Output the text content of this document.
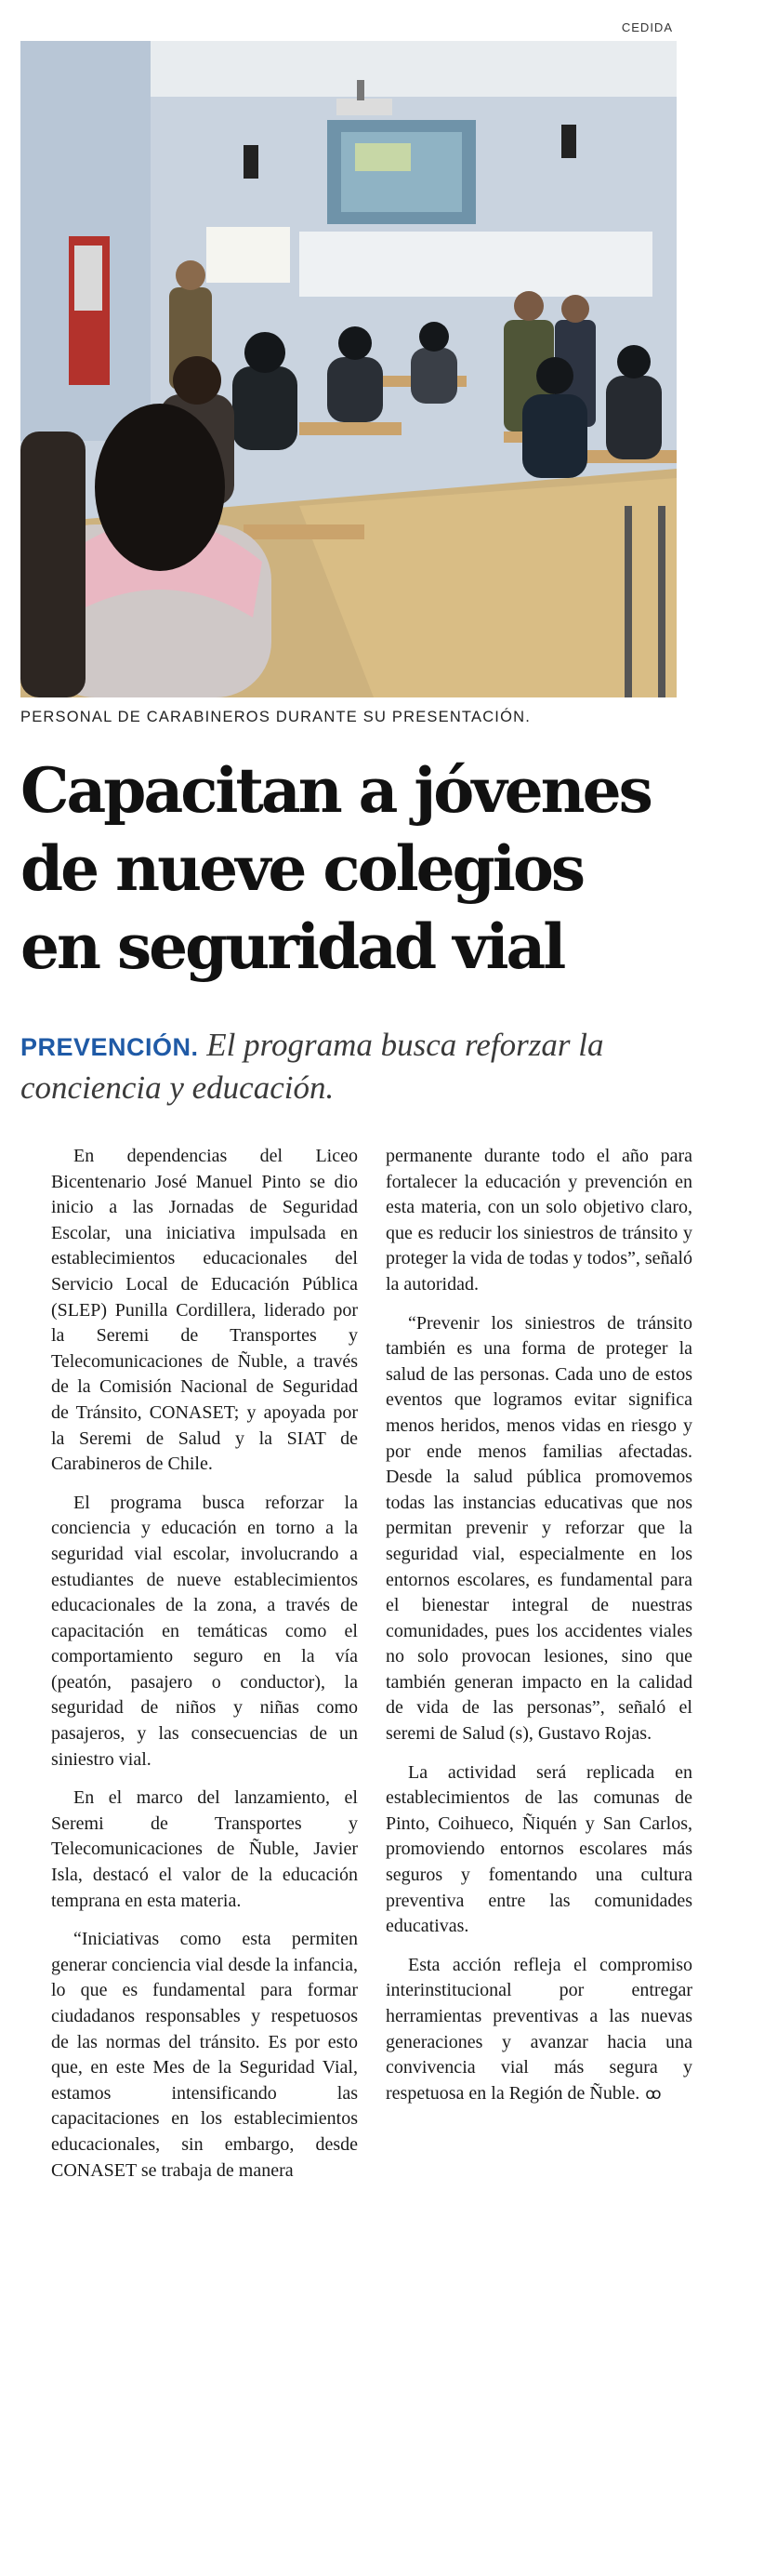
CEDIDA
PERSONAL DE CARABINEROS DURANTE SU PRESENTACIÓN.
Capacitan a jóvenes
de nueve colegios
en seguridad vial
PREVENCIÓN. El programa busca reforzar la conciencia y educación.

En dependencias del Liceo Bicentenario José Manuel Pinto se dio inicio a las Jornadas de Seguridad Escolar, una iniciativa impulsada en establecimientos educacionales del Servicio Local de Educación Pública (SLEP) Punilla Cordillera, liderado por la Seremi de Transportes y Telecomunicaciones de Ñuble, a través de la Comisión Nacional de Seguridad de Tránsito, CONASET; y apoyada por la Seremi de Salud y la SIAT de Carabineros de Chile.

El programa busca reforzar la conciencia y educación en torno a la seguridad vial escolar, involucrando a estudiantes de nueve establecimientos educacionales de la zona, a través de capacitación en temáticas como el comportamiento seguro en la vía (peatón, pasajero o conductor), la seguridad de niños y niñas como pasajeros, y las consecuencias de un siniestro vial.

En el marco del lanzamiento, el Seremi de Transportes y Telecomunicaciones de Ñuble, Javier Isla, destacó el valor de la educación temprana en esta materia.

“Iniciativas como esta permiten generar conciencia vial desde la infancia, lo que es fundamental para formar ciudadanos responsables y respetuosos de las normas del tránsito. Es por esto que, en este Mes de la Seguridad Vial, estamos intensificando las capacitaciones en los establecimientos educacionales, sin embargo, desde CONASET se trabaja de manera

permanente durante todo el año para fortalecer la educación y prevención en esta materia, con un solo objetivo claro, que es reducir los siniestros de tránsito y proteger la vida de todas y todos”, señaló la autoridad.

“Prevenir los siniestros de tránsito también es una forma de proteger la salud de las personas. Cada uno de estos eventos que logramos evitar significa menos heridos, menos vidas en riesgo y por ende menos familias afectadas. Desde la salud pública promovemos todas las instancias educativas que nos permitan prevenir y reforzar que la seguridad vial, especialmente en los entornos escolares, es fundamental para el bienestar integral de nuestras comunidades, pues los accidentes viales no solo provocan lesiones, sino que también generan impacto en la calidad de vida de las personas”, señaló el seremi de Salud (s), Gustavo Rojas.

La actividad será replicada en establecimientos de las comunas de Pinto, Coihueco, Ñiquén y San Carlos, promoviendo entornos escolares más seguros y fomentando una cultura preventiva entre las comunidades educativas.

Esta acción refleja el compromiso interinstitucional por entregar herramientas preventivas a las nuevas generaciones y avanzar hacia una convivencia vial más segura y respetuosa en la Región de Ñuble. ꝏ
